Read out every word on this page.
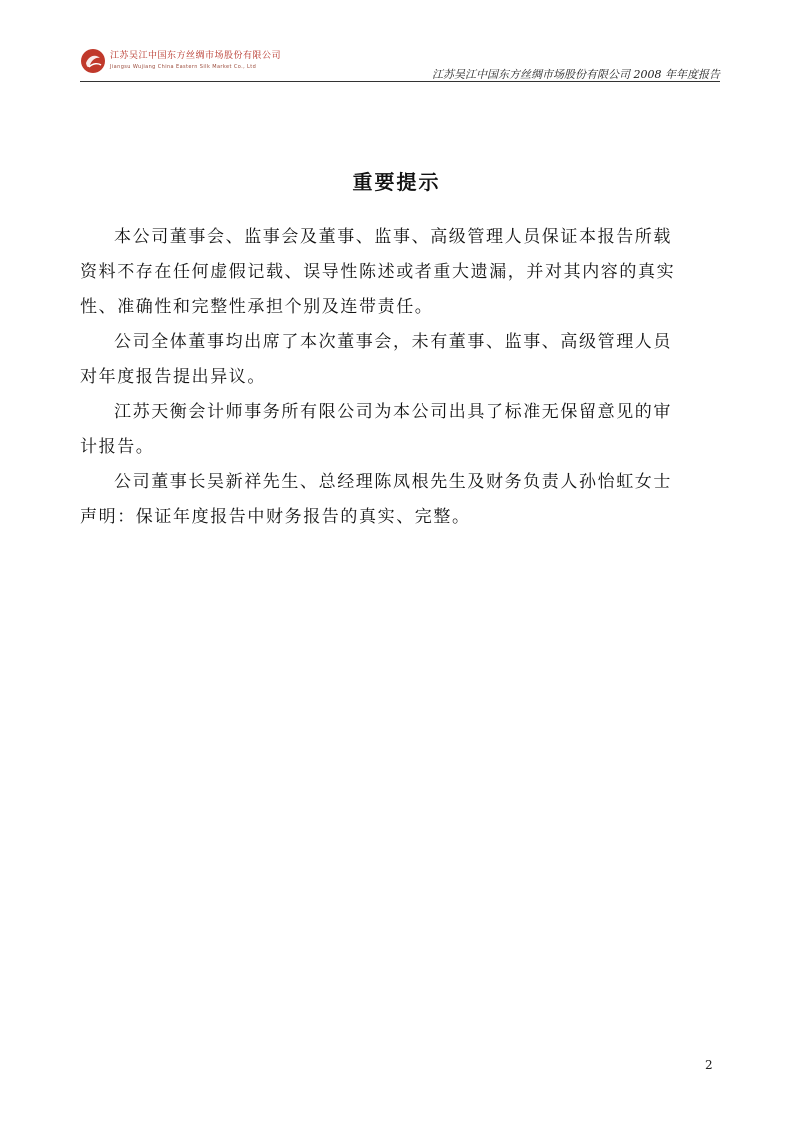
江苏吴江中国东方丝绸市场股份有限公司
Jiangsu Wujiang China Eastern Silk Market Co., Ltd
江苏吴江中国东方丝绸市场股份有限公司 2008 年年度报告
重要提示

本公司董事会、监事会及董事、监事、高级管理人员保证本报告所载
资料不存在任何虚假记载、误导性陈述或者重大遗漏，并对其内容的真实
性、准确性和完整性承担个别及连带责任。

公司全体董事均出席了本次董事会，未有董事、监事、高级管理人员
对年度报告提出异议。

江苏天衡会计师事务所有限公司为本公司出具了标准无保留意见的审
计报告。

公司董事长吴新祥先生、总经理陈凤根先生及财务负责人孙怡虹女士
声明：保证年度报告中财务报告的真实、完整。

2
